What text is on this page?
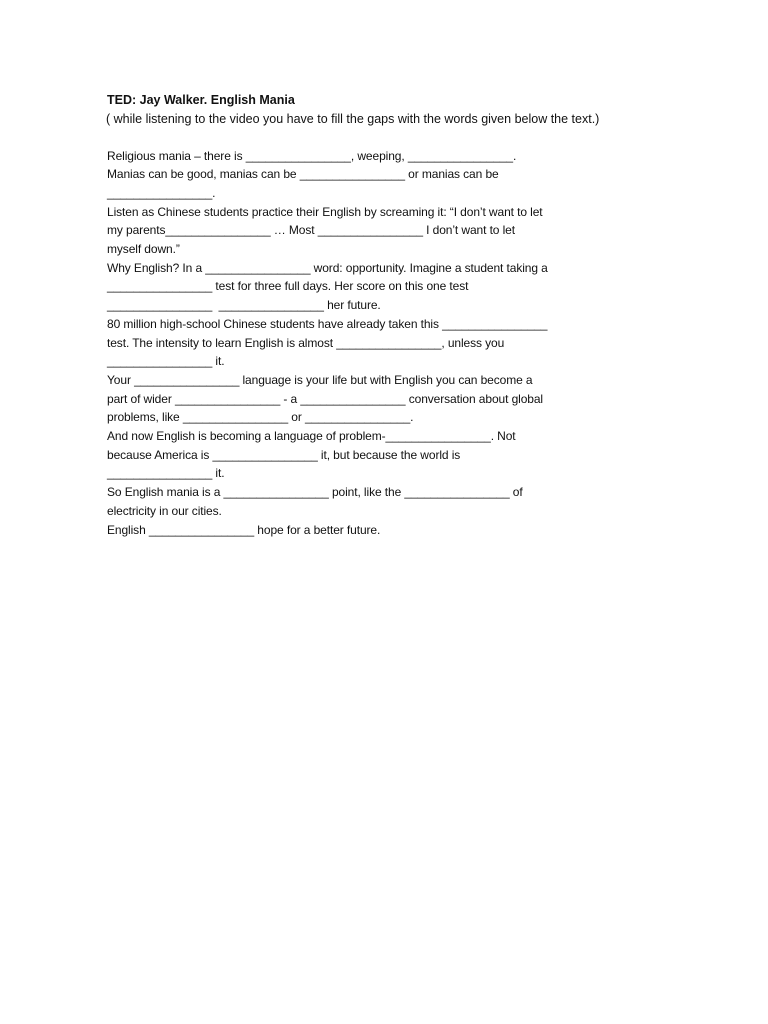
TED: Jay Walker. English Mania

( while listening to the video you have to fill the gaps with the words given below the text.)

Religious mania – there is ________________, weeping, ________________.

Manias can be good, manias can be ________________ or manias can be

________________.

Listen as Chinese students practice their English by screaming it: “I don’t want to let

my parents________________ … Most ________________ I don’t want to let

myself down.”

Why English? In a ________________ word: opportunity. Imagine a student taking a

________________ test for three full days. Her score on this one test

________________  ________________ her future.

80 million high-school Chinese students have already taken this ________________

test. The intensity to learn English is almost ________________, unless you

________________ it.

Your ________________ language is your life but with English you can become a

part of wider ________________ - a ________________ conversation about global

problems, like ________________ or ________________.

And now English is becoming a language of problem-________________. Not

because America is ________________ it, but because the world is

________________ it.

So English mania is a ________________ point, like the ________________ of

electricity in our cities.

English ________________ hope for a better future.
